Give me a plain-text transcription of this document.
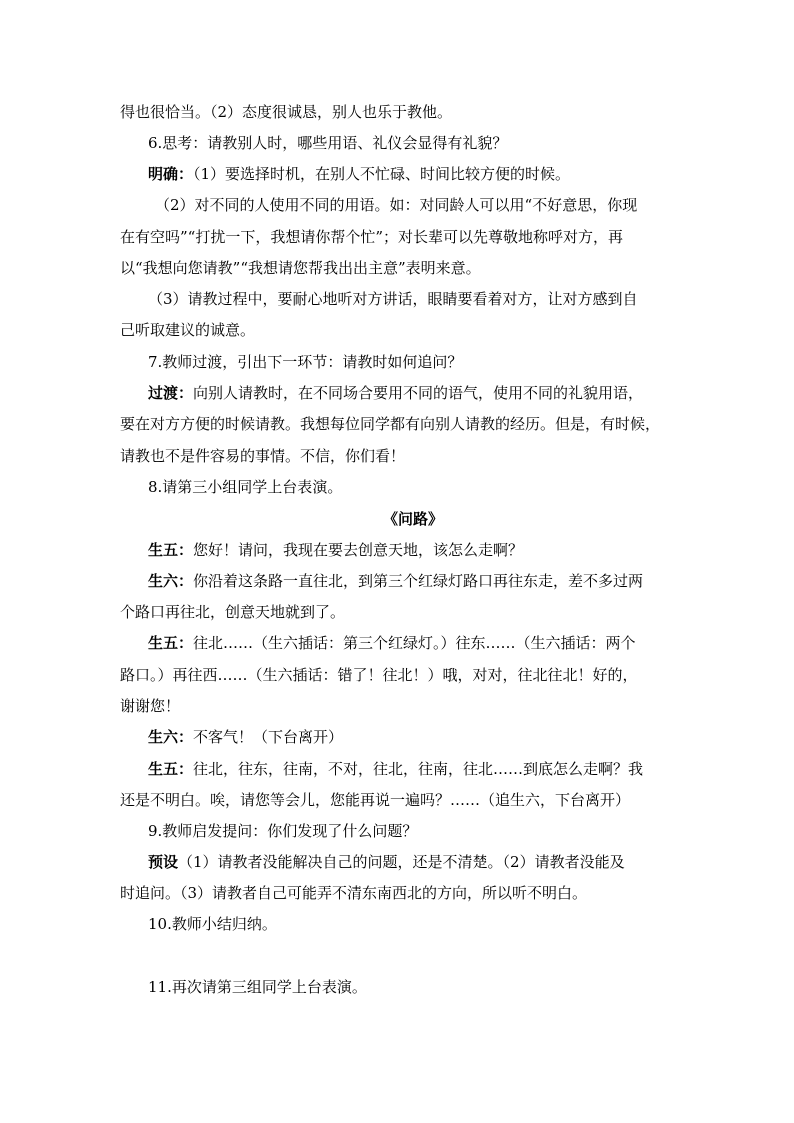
得也很恰当。（2）态度很诚恳，别人也乐于教他。
6.思考：请教别人时，哪些用语、礼仪会显得有礼貌？
明确：（1）要选择时机，在别人不忙碌、时间比较方便的时候。
（2）对不同的人使用不同的用语。如：对同龄人可以用“不好意思，你现
在有空吗”“打扰一下，我想请你帮个忙”；对长辈可以先尊敬地称呼对方，再
以“我想向您请教”“我想请您帮我出出主意”表明来意。
（3）请教过程中，要耐心地听对方讲话，眼睛要看着对方，让对方感到自
己听取建议的诚意。
7.教师过渡，引出下一环节：请教时如何追问？
过渡：向别人请教时，在不同场合要用不同的语气，使用不同的礼貌用语，
要在对方方便的时候请教。我想每位同学都有向别人请教的经历。但是，有时候，
请教也不是件容易的事情。不信，你们看！
8.请第三小组同学上台表演。
《问路》
生五：您好！请问，我现在要去创意天地，该怎么走啊？
生六：你沿着这条路一直往北，到第三个红绿灯路口再往东走，差不多过两
个路口再往北，创意天地就到了。
生五：往北……（生六插话：第三个红绿灯。）往东……（生六插话：两个
路口。）再往西……（生六插话：错了！往北！）哦，对对，往北往北！好的，
谢谢您！
生六：不客气！（下台离开）
生五：往北，往东，往南，不对，往北，往南，往北……到底怎么走啊？我
还是不明白。唉，请您等会儿，您能再说一遍吗？……（追生六，下台离开）
9.教师启发提问：你们发现了什么问题？
预设（1）请教者没能解决自己的问题，还是不清楚。（2）请教者没能及
时追问。（3）请教者自己可能弄不清东南西北的方向，所以听不明白。
10.教师小结归纳。
11.再次请第三组同学上台表演。
